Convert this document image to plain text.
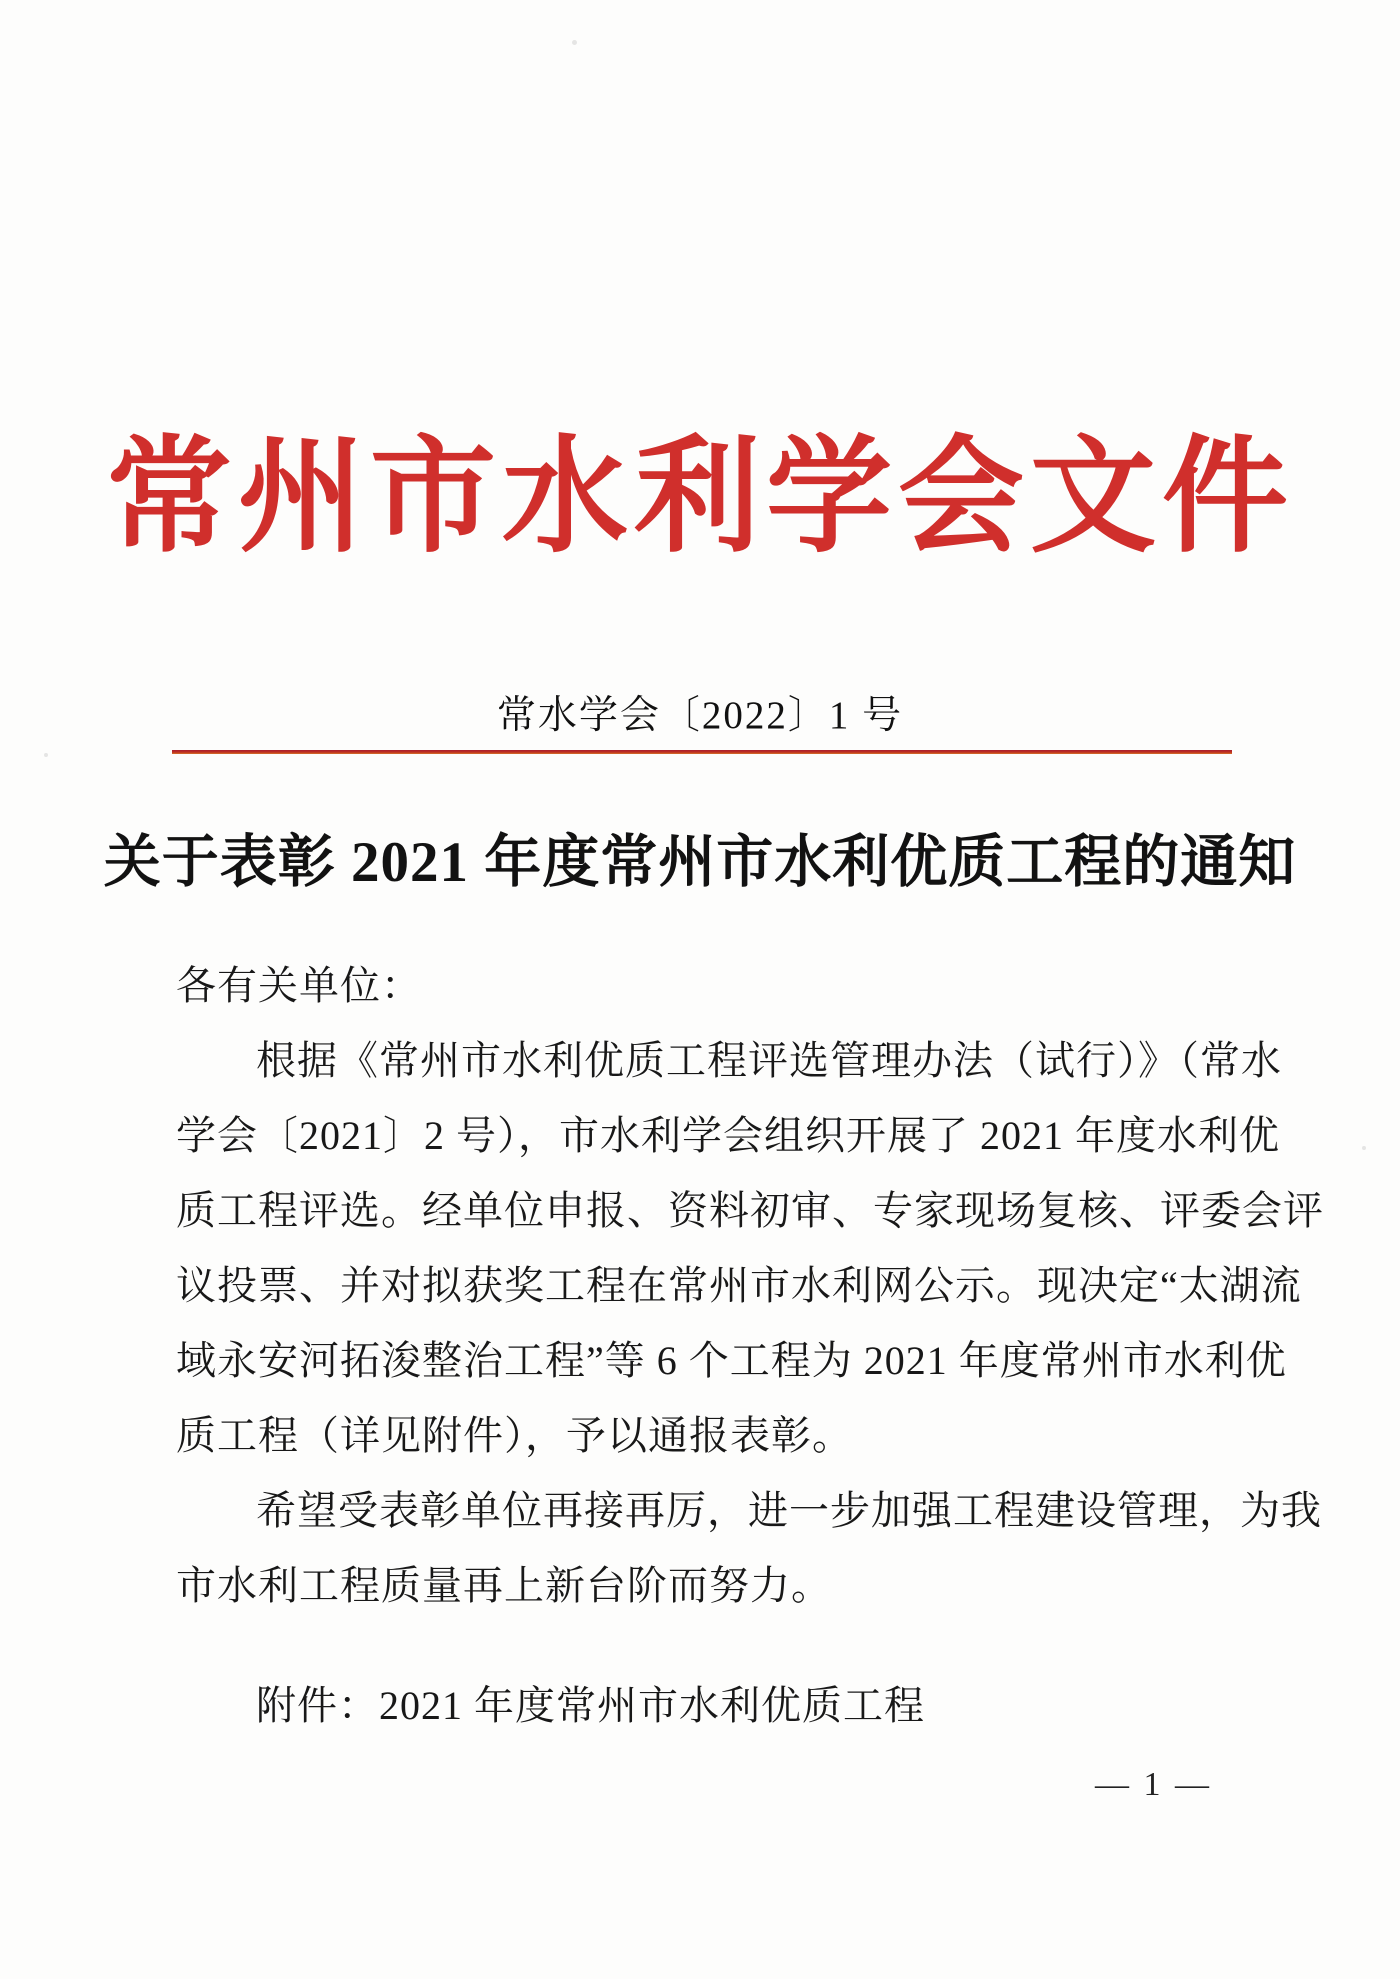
常州市水利学会文件
常水学会〔2022〕1 号
关于表彰 2021 年度常州市水利优质工程的通知
各有关单位：
根据《常州市水利优质工程评选管理办法（试行）》（常水
学会〔2021〕2 号），市水利学会组织开展了 2021 年度水利优
质工程评选。经单位申报、资料初审、专家现场复核、评委会评
议投票、并对拟获奖工程在常州市水利网公示。现决定“太湖流
域永安河拓浚整治工程”等 6 个工程为 2021 年度常州市水利优
质工程（详见附件），予以通报表彰。
希望受表彰单位再接再厉，进一步加强工程建设管理，为我
市水利工程质量再上新台阶而努力。
附件：2021 年度常州市水利优质工程
— 1 —
